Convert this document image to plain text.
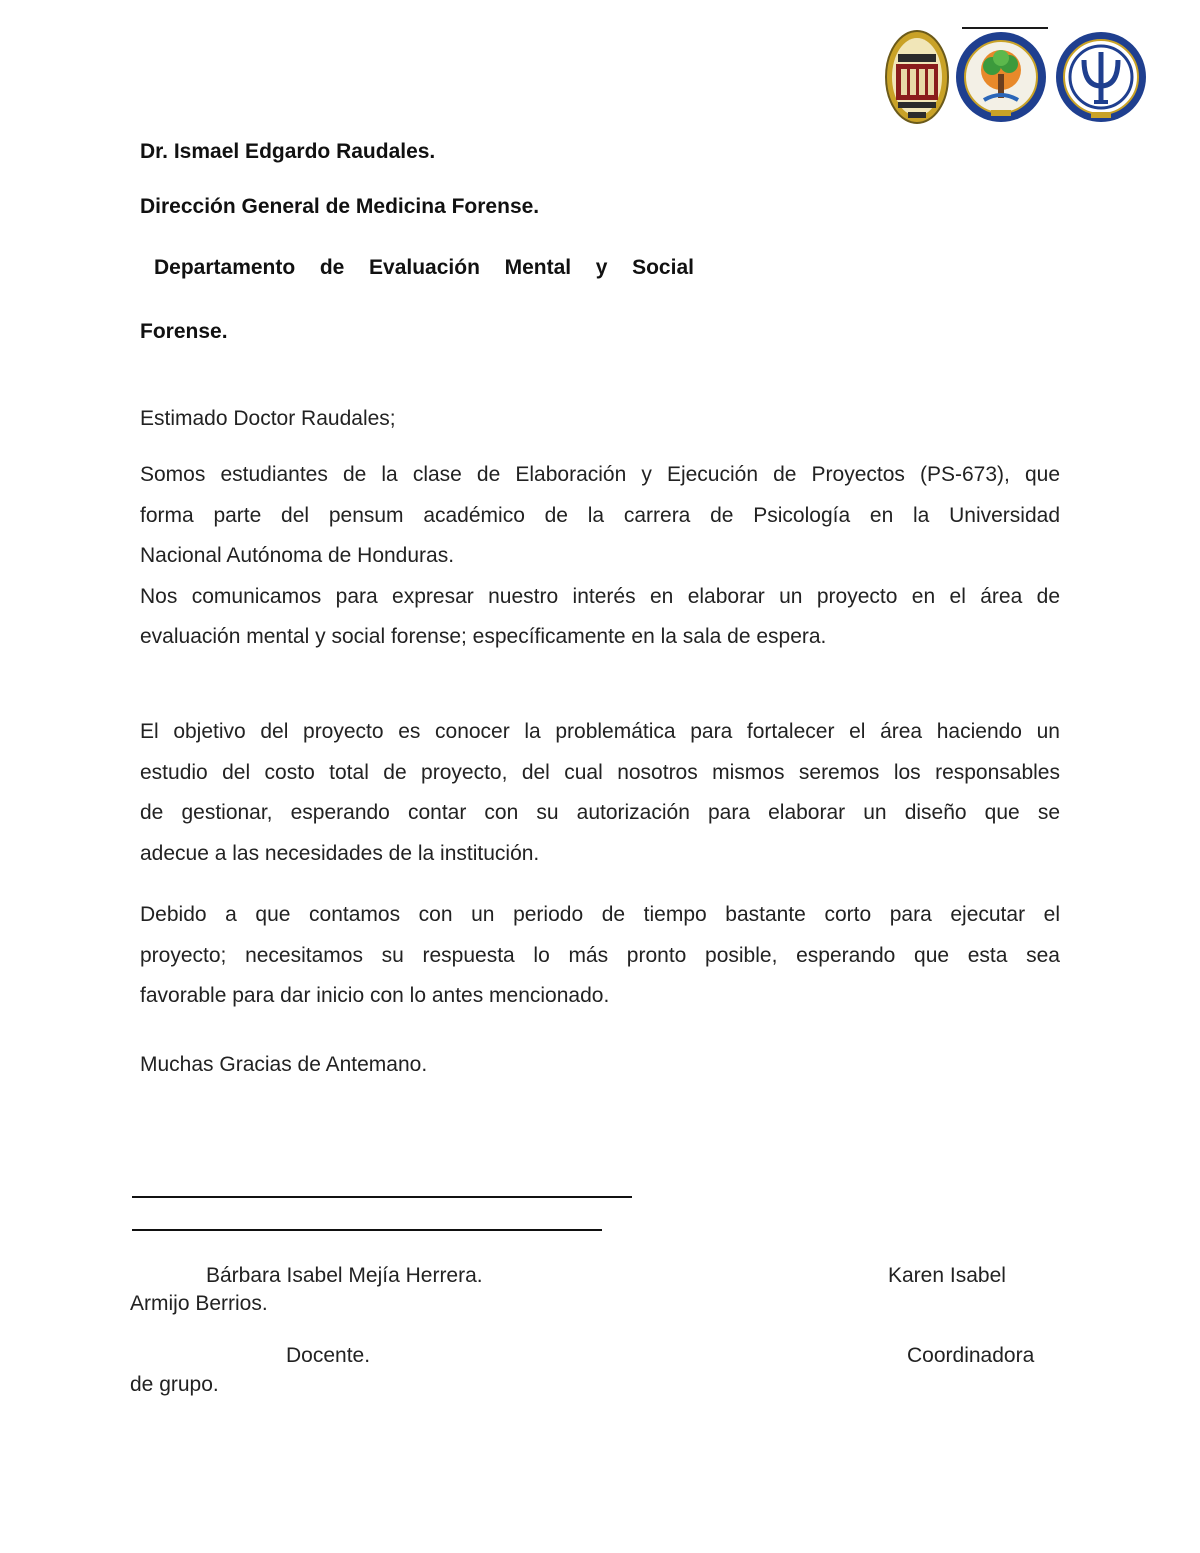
Dr. Ismael Edgardo Raudales.
Dirección General de Medicina Forense.
Departamento de Evaluación Mental y Social
Forense.
Estimado Doctor Raudales;
Somos estudiantes de la clase de Elaboración y Ejecución de Proyectos (PS-673), que
forma parte del pensum académico de la carrera de Psicología en la Universidad
Nacional Autónoma de Honduras.
Nos comunicamos para expresar nuestro interés en elaborar un proyecto en el área de
evaluación mental y social forense; específicamente en la sala de espera.
El objetivo del proyecto es conocer la problemática para fortalecer el área haciendo un
estudio del costo total de proyecto, del cual nosotros mismos seremos los responsables
de gestionar, esperando contar con su autorización para elaborar un diseño que se
adecue a las necesidades de la institución.
Debido a que contamos con un periodo de tiempo bastante corto para ejecutar el
proyecto; necesitamos su respuesta lo más pronto posible, esperando que esta sea
favorable para dar inicio con lo antes mencionado.
Muchas Gracias de Antemano.
Bárbara Isabel Mejía Herrera.	Karen Isabel
Armijo Berrios.
Docente.	Coordinadora
de grupo.
